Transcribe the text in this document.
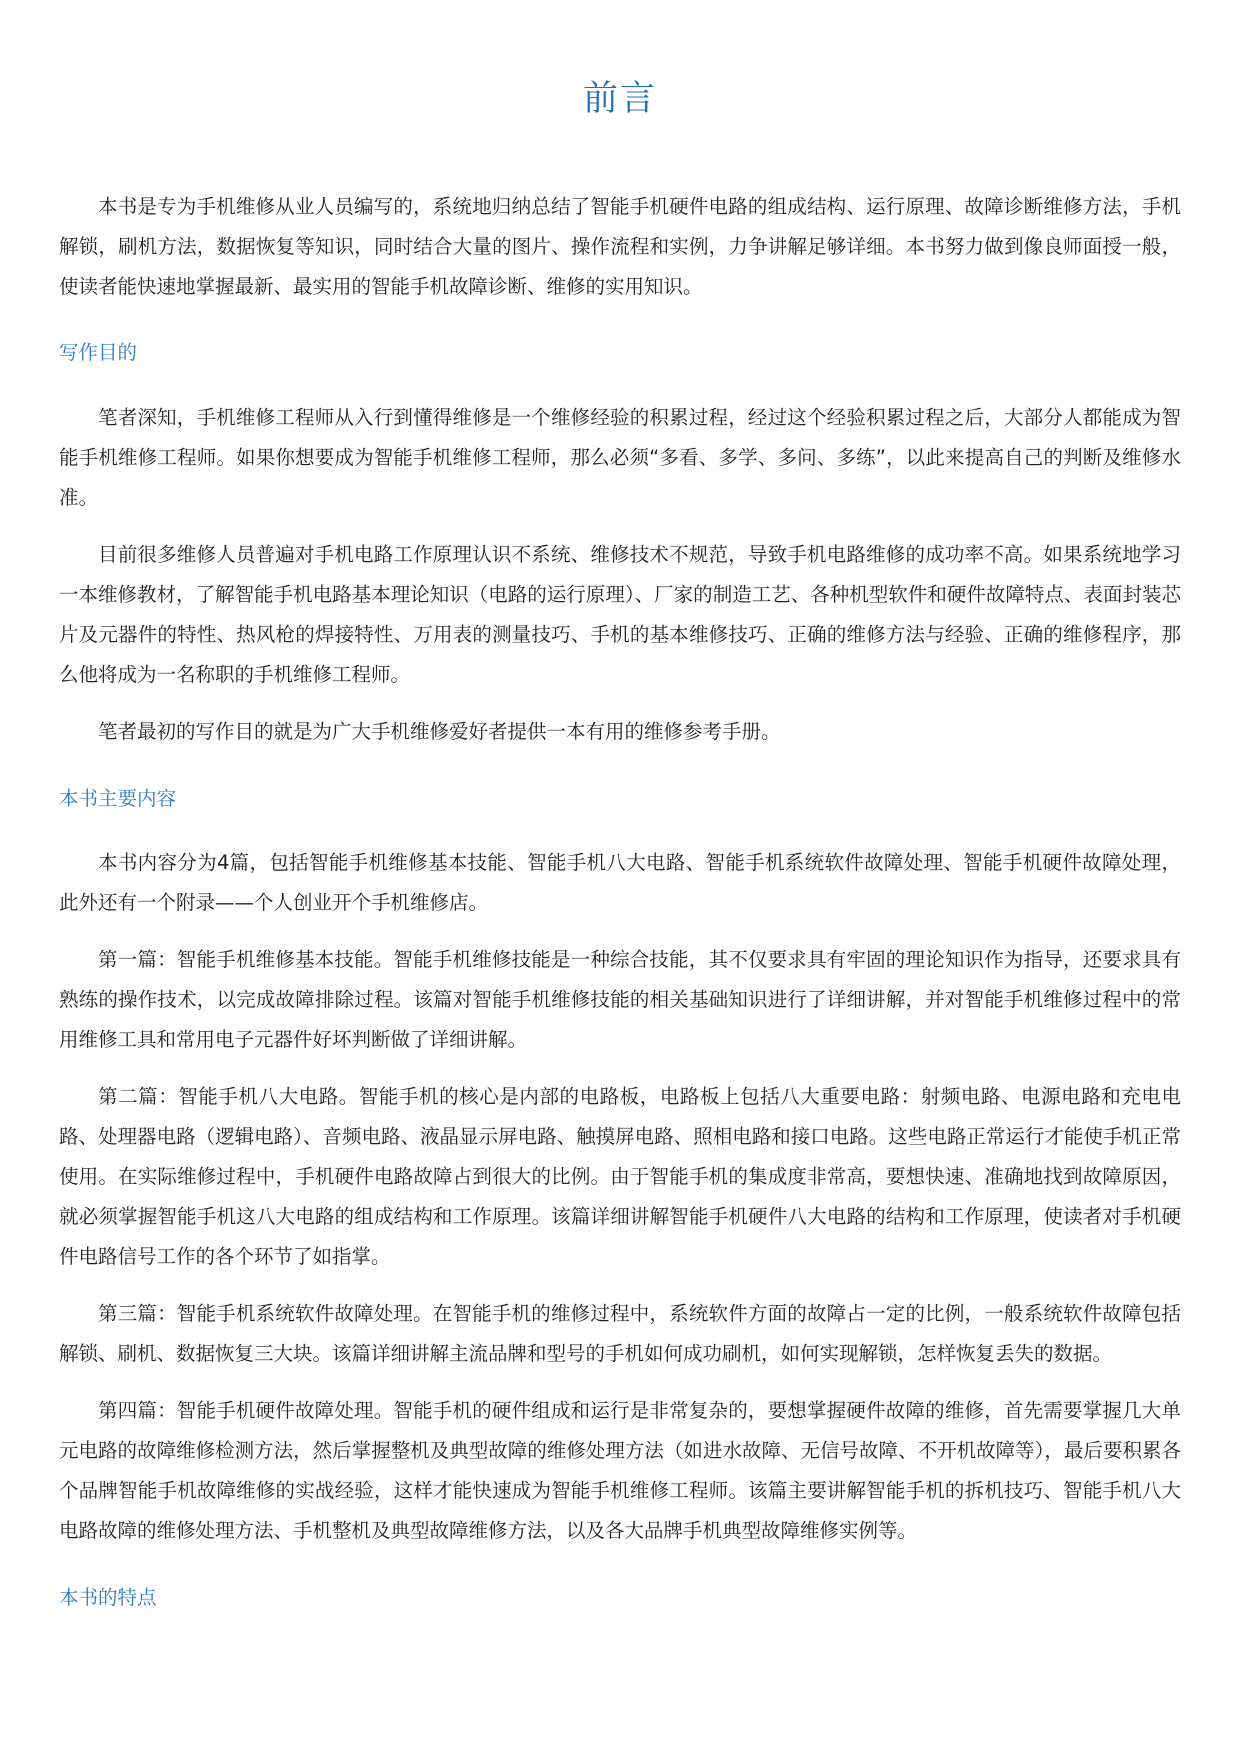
前言

本书是专为手机维修从业人员编写的，系统地归纳总结了智能手机硬件电路的组成结构、运行原理、故障诊断维修方法，手机解锁，刷机方法，数据恢复等知识，同时结合大量的图片、操作流程和实例，力争讲解足够详细。本书努力做到像良师面授一般，使读者能快速地掌握最新、最实用的智能手机故障诊断、维修的实用知识。

写作目的

笔者深知，手机维修工程师从入行到懂得维修是一个维修经验的积累过程，经过这个经验积累过程之后，大部分人都能成为智能手机维修工程师。如果你想要成为智能手机维修工程师，那么必须“多看、多学、多问、多练”，以此来提高自己的判断及维修水准。

目前很多维修人员普遍对手机电路工作原理认识不系统、维修技术不规范，导致手机电路维修的成功率不高。如果系统地学习一本维修教材，了解智能手机电路基本理论知识（电路的运行原理）、厂家的制造工艺、各种机型软件和硬件故障特点、表面封装芯片及元器件的特性、热风枪的焊接特性、万用表的测量技巧、手机的基本维修技巧、正确的维修方法与经验、正确的维修程序，那么他将成为一名称职的手机维修工程师。

笔者最初的写作目的就是为广大手机维修爱好者提供一本有用的维修参考手册。

本书主要内容

本书内容分为4篇，包括智能手机维修基本技能、智能手机八大电路、智能手机系统软件故障处理、智能手机硬件故障处理，此外还有一个附录——个人创业开个手机维修店。

第一篇：智能手机维修基本技能。智能手机维修技能是一种综合技能，其不仅要求具有牢固的理论知识作为指导，还要求具有熟练的操作技术，以完成故障排除过程。该篇对智能手机维修技能的相关基础知识进行了详细讲解，并对智能手机维修过程中的常用维修工具和常用电子元器件好坏判断做了详细讲解。

第二篇：智能手机八大电路。智能手机的核心是内部的电路板，电路板上包括八大重要电路：射频电路、电源电路和充电电路、处理器电路（逻辑电路）、音频电路、液晶显示屏电路、触摸屏电路、照相电路和接口电路。这些电路正常运行才能使手机正常使用。在实际维修过程中，手机硬件电路故障占到很大的比例。由于智能手机的集成度非常高，要想快速、准确地找到故障原因，就必须掌握智能手机这八大电路的组成结构和工作原理。该篇详细讲解智能手机硬件八大电路的结构和工作原理，使读者对手机硬件电路信号工作的各个环节了如指掌。

第三篇：智能手机系统软件故障处理。在智能手机的维修过程中，系统软件方面的故障占一定的比例，一般系统软件故障包括解锁、刷机、数据恢复三大块。该篇详细讲解主流品牌和型号的手机如何成功刷机，如何实现解锁，怎样恢复丢失的数据。

第四篇：智能手机硬件故障处理。智能手机的硬件组成和运行是非常复杂的，要想掌握硬件故障的维修，首先需要掌握几大单元电路的故障维修检测方法，然后掌握整机及典型故障的维修处理方法（如进水故障、无信号故障、不开机故障等），最后要积累各个品牌智能手机故障维修的实战经验，这样才能快速成为智能手机维修工程师。该篇主要讲解智能手机的拆机技巧、智能手机八大电路故障的维修处理方法、手机整机及典型故障维修方法，以及各大品牌手机典型故障维修实例等。

本书的特点
